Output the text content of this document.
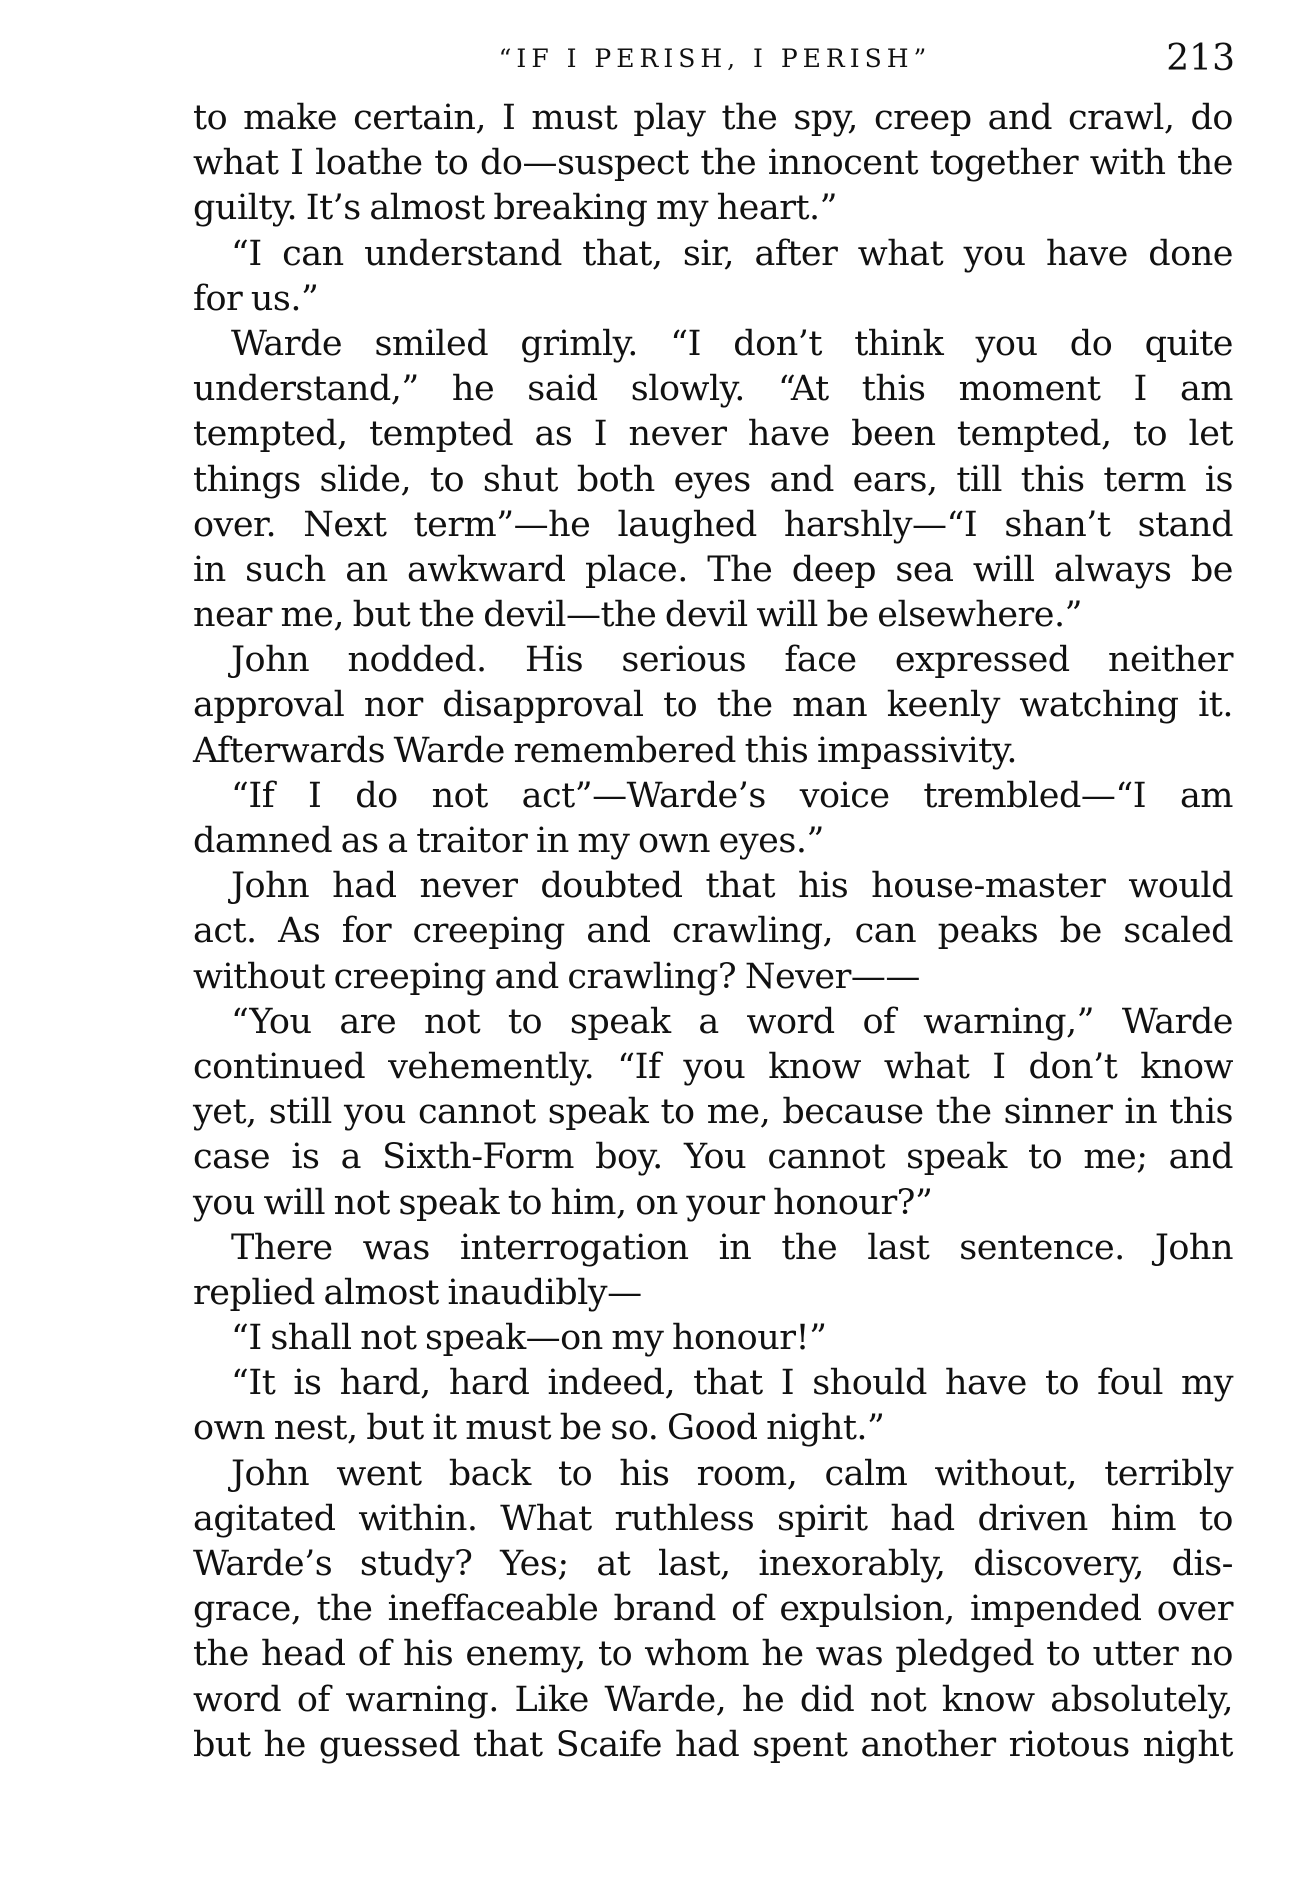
“IF I PERISH, I PERISH”	213
to make certain, I must play the spy, creep and crawl, do
what I loathe to do—suspect the innocent together with the
guilty. It’s almost breaking my heart.”
“I can understand that, sir, after what you have done
for us.”
Warde smiled grimly. “I don’t think you do quite
understand,” he said slowly. “At this moment I am
tempted, tempted as I never have been tempted, to let
things slide, to shut both eyes and ears, till this term is
over. Next term”—he laughed harshly—“I shan’t stand
in such an awkward place. The deep sea will always be
near me, but the devil—the devil will be elsewhere.”
John nodded. His serious face expressed neither
approval nor disapproval to the man keenly watching it.
Afterwards Warde remembered this impassivity.
“If I do not act”—Warde’s voice trembled—“I am
damned as a traitor in my own eyes.”
John had never doubted that his house-master would
act. As for creeping and crawling, can peaks be scaled
without creeping and crawling? Never——
“You are not to speak a word of warning,” Warde
continued vehemently. “If you know what I don’t know
yet, still you cannot speak to me, because the sinner in this
case is a Sixth-Form boy. You cannot speak to me; and
you will not speak to him, on your honour?”
There was interrogation in the last sentence. John
replied almost inaudibly—
“I shall not speak—on my honour!”
“It is hard, hard indeed, that I should have to foul my
own nest, but it must be so. Good night.”
John went back to his room, calm without, terribly
agitated within. What ruthless spirit had driven him to
Warde’s study? Yes; at last, inexorably, discovery, dis-
grace, the ineffaceable brand of expulsion, impended over
the head of his enemy, to whom he was pledged to utter no
word of warning. Like Warde, he did not know absolutely,
but he guessed that Scaife had spent another riotous night
